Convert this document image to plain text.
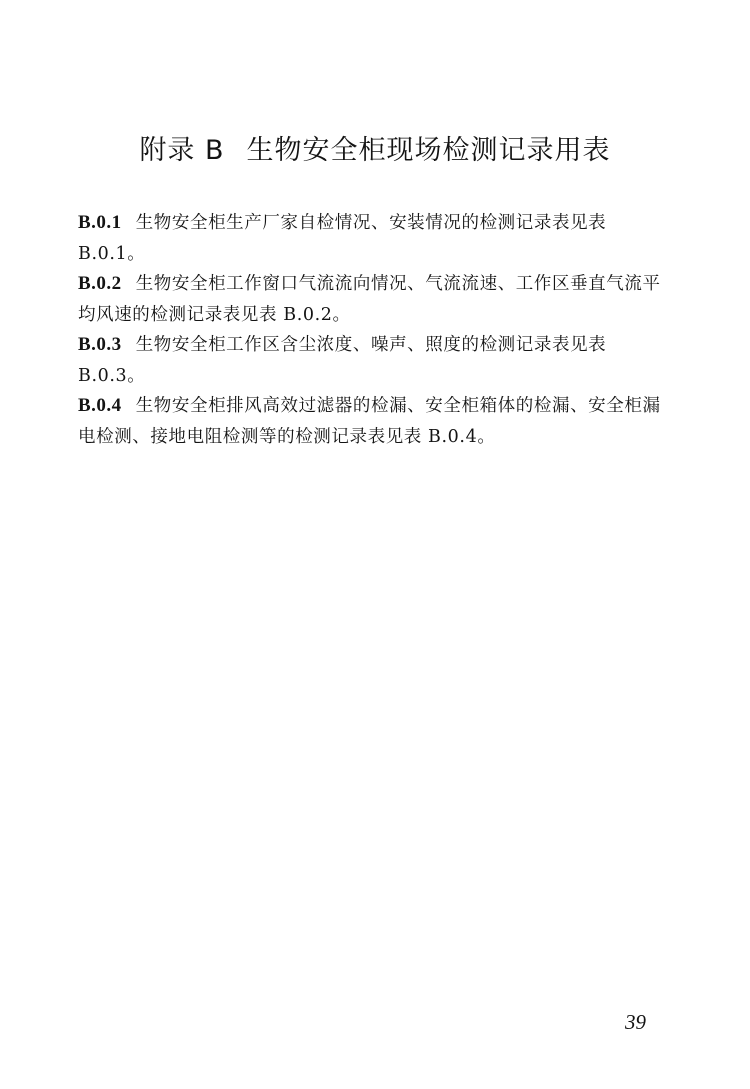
附录 B 生物安全柜现场检测记录用表
B.0.1 生物安全柜生产厂家自检情况、安装情况的检测记录表见表 B.0.1。
B.0.2 生物安全柜工作窗口气流流向情况、气流流速、工作区垂直气流平均风速的检测记录表见表 B.0.2。
B.0.3 生物安全柜工作区含尘浓度、噪声、照度的检测记录表见表 B.0.3。
B.0.4 生物安全柜排风高效过滤器的检漏、安全柜箱体的检漏、安全柜漏电检测、接地电阻检测等的检测记录表见表 B.0.4。
39
